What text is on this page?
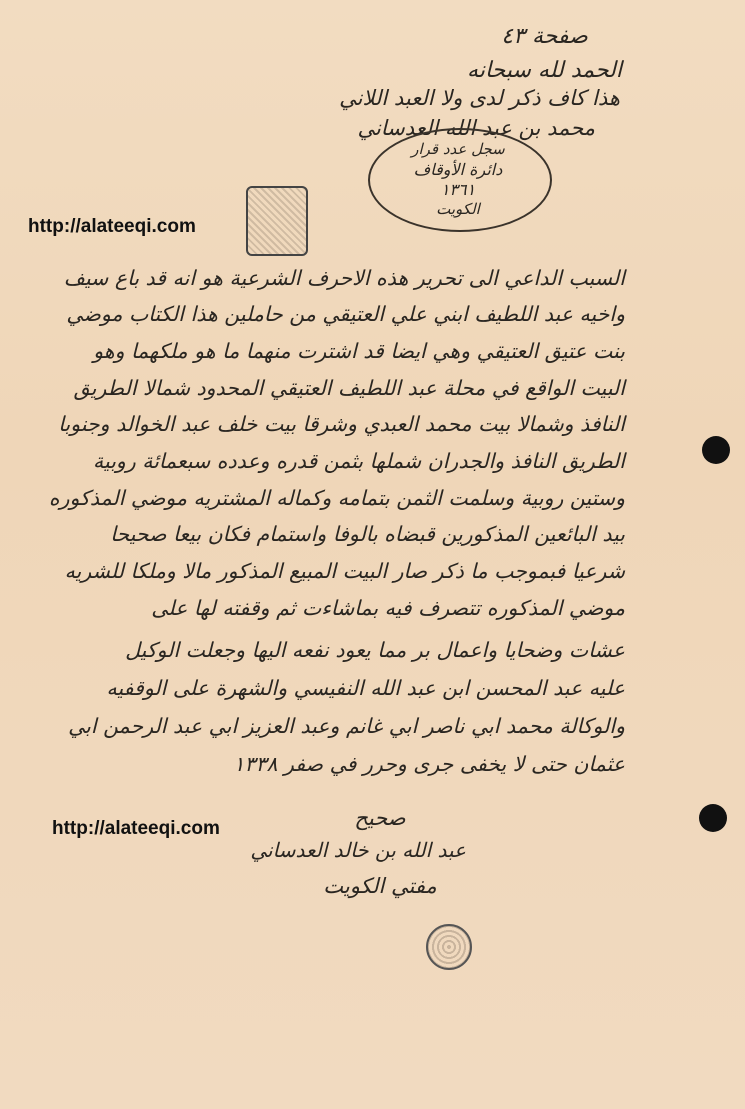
صفحة ٤٣
الحمد لله سبحانه
هذا كاف ذكر لدى ولا العبد اللاني
محمد بن عبد الله العدساني
سجل عدد قرار
دائرة الأوقاف
١٣٦١
الكويت
http://alateeqi.com
السبب الداعي الى تحرير هذه الاحرف الشرعية هو انه قد باع سيف
واخيه عبد اللطيف ابني علي العتيقي من حاملين هذا الكتاب موضي
بنت عتيق العتيقي وهي ايضا قد اشترت منهما ما هو ملكهما وهو
البيت الواقع في محلة عبد اللطيف العتيقي المحدود شمالا الطريق
النافذ وشمالا بيت محمد العبدي وشرقا بيت خلف عبد الخوالد وجنوبا
الطريق النافذ والجدران شملها بثمن قدره وعدده سبعمائة روبية
وستين روبية وسلمت الثمن بتمامه وكماله المشتريه موضي المذكوره
بيد البائعين المذكورين قبضاه بالوفا واستمام فكان بيعا صحيحا
شرعيا فبموجب ما ذكر صار البيت المبيع المذكور مالا وملكا للشريه
موضي المذكوره تتصرف فيه بماشاءت ثم وقفته لها على
عشات وضحايا واعمال بر مما يعود نفعه اليها وجعلت الوكيل
عليه عبد المحسن ابن عبد الله النفيسي والشهرة على الوقفيه
والوكالة محمد ابي ناصر ابي غانم وعبد العزيز ابي عبد الرحمن ابي
عثمان حتى لا يخفى جرى وحرر في صفر ١٣٣٨
http://alateeqi.com	صحيح
عبد الله بن خالد العدساني
مفتي الكويت
